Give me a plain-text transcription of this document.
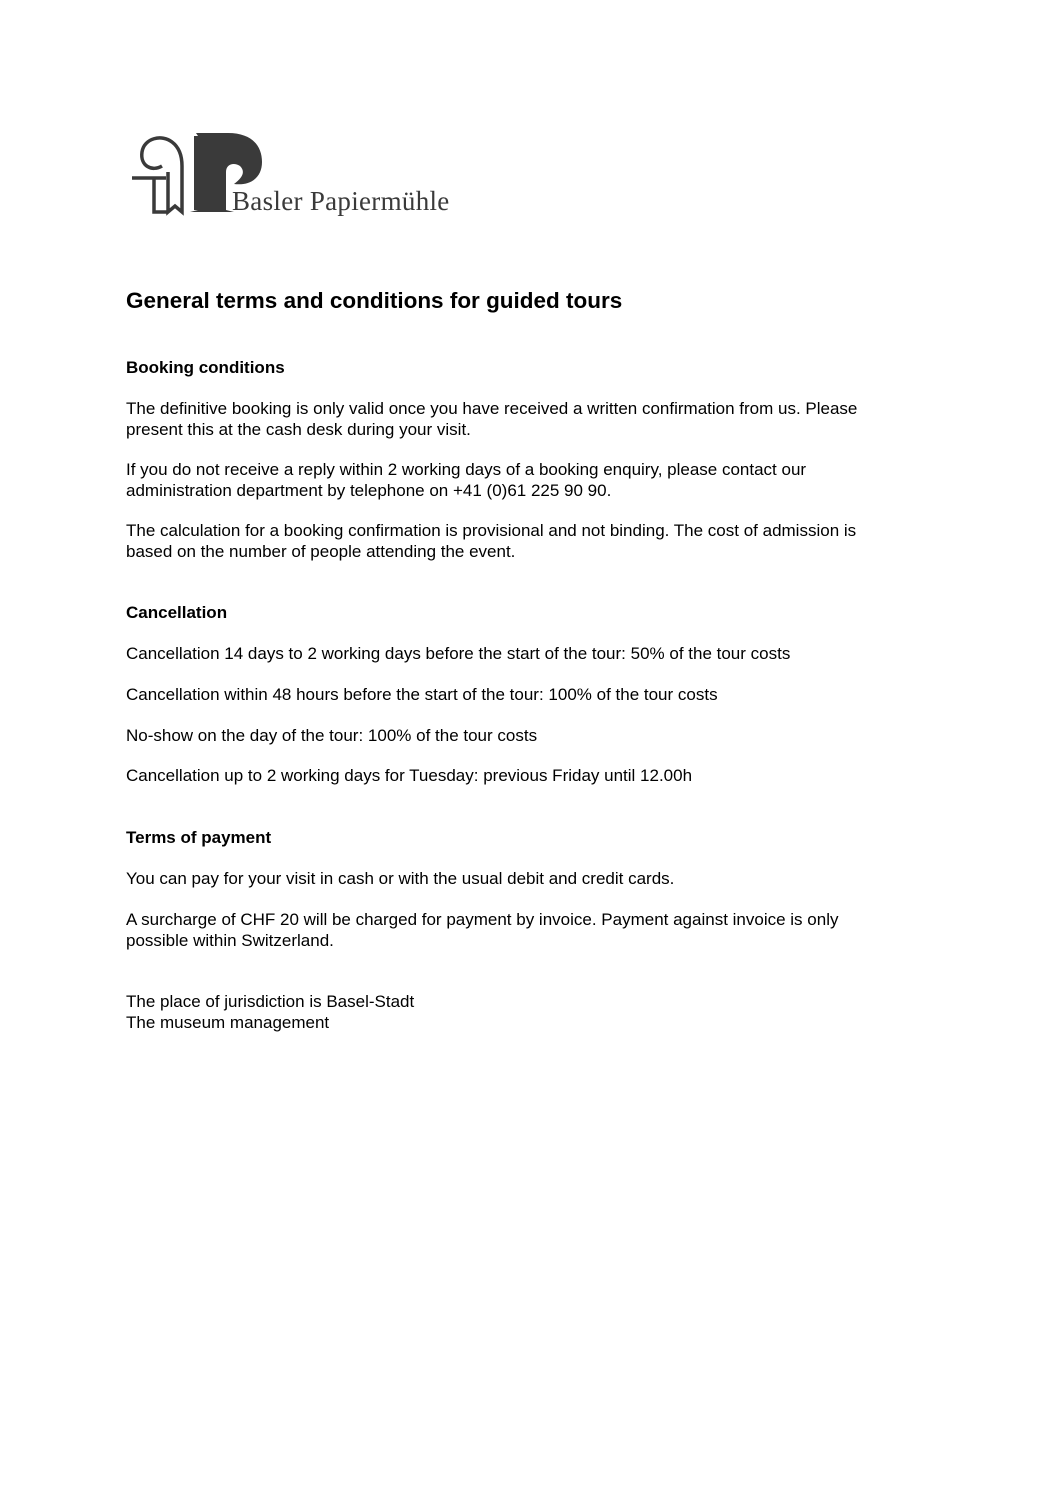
Basler Papiermühle
General terms and conditions for guided tours
Booking conditions
The definitive booking is only valid once you have received a written confirmation from us. Please
present this at the cash desk during your visit.
If you do not receive a reply within 2 working days of a booking enquiry, please contact our
administration department by telephone on +41 (0)61 225 90 90.
The calculation for a booking confirmation is provisional and not binding. The cost of admission is
based on the number of people attending the event.
Cancellation
Cancellation 14 days to 2 working days before the start of the tour: 50% of the tour costs
Cancellation within 48 hours before the start of the tour: 100% of the tour costs
No-show on the day of the tour: 100% of the tour costs
Cancellation up to 2 working days for Tuesday: previous Friday until 12.00h
Terms of payment
You can pay for your visit in cash or with the usual debit and credit cards.
A surcharge of CHF 20 will be charged for payment by invoice. Payment against invoice is only
possible within Switzerland.
The place of jurisdiction is Basel-Stadt
The museum management
